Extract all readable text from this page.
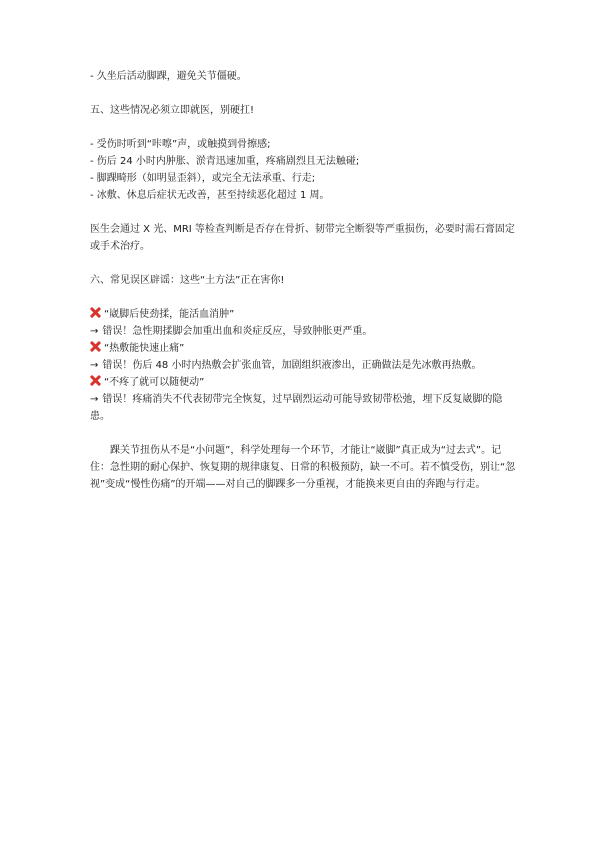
- 久坐后活动脚踝，避免关节僵硬。
五、这些情况必须立即就医，别硬扛!
- 受伤时听到“咔嚓”声，或触摸到骨擦感;
- 伤后 24 小时内肿胀、淤青迅速加重，疼痛剧烈且无法触碰;
- 脚踝畸形（如明显歪斜），或完全无法承重、行走;
- 冰敷、休息后症状无改善，甚至持续恶化超过 1 周。
医生会通过 X 光、MRI 等检查判断是否存在骨折、韧带完全断裂等严重损伤，必要时需石膏固定或手术治疗。
六、常见误区辟谣：这些“土方法”正在害你!
“崴脚后使劲揉，能活血消肿”
→ 错误！急性期揉脚会加重出血和炎症反应，导致肿胀更严重。
“热敷能快速止痛”
→ 错误！伤后 48 小时内热敷会扩张血管，加剧组织液渗出，正确做法是先冰敷再热敷。
“不疼了就可以随便动”
→ 错误！疼痛消失不代表韧带完全恢复，过早剧烈运动可能导致韧带松弛，埋下反复崴脚的隐患。
踝关节扭伤从不是“小问题”，科学处理每一个环节，才能让“崴脚”真正成为“过去式”。记住：急性期的耐心保护、恢复期的规律康复、日常的积极预防，缺一不可。若不慎受伤，别让“忽视”变成“慢性伤痛”的开端——对自己的脚踝多一分重视，才能换来更自由的奔跑与行走。
